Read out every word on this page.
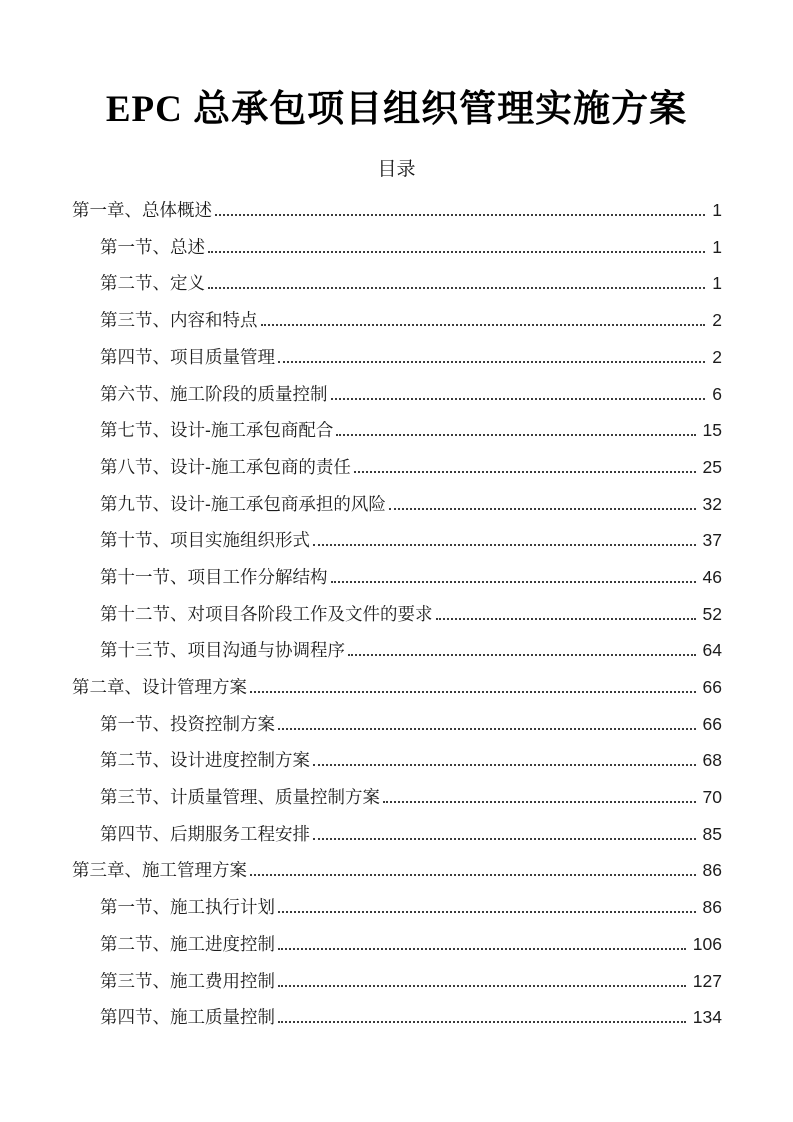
EPC 总承包项目组织管理实施方案
目录
第一章、总体概述	1
第一节、总述	1
第二节、定义	1
第三节、内容和特点	2
第四节、项目质量管理	2
第六节、施工阶段的质量控制	6
第七节、设计-施工承包商配合	15
第八节、设计-施工承包商的责任	25
第九节、设计-施工承包商承担的风险	32
第十节、项目实施组织形式	37
第十一节、项目工作分解结构	46
第十二节、对项目各阶段工作及文件的要求	52
第十三节、项目沟通与协调程序	64
第二章、设计管理方案	66
第一节、投资控制方案	66
第二节、设计进度控制方案	68
第三节、计质量管理、质量控制方案	70
第四节、后期服务工程安排	85
第三章、施工管理方案	86
第一节、施工执行计划	86
第二节、施工进度控制	106
第三节、施工费用控制	127
第四节、施工质量控制	134
